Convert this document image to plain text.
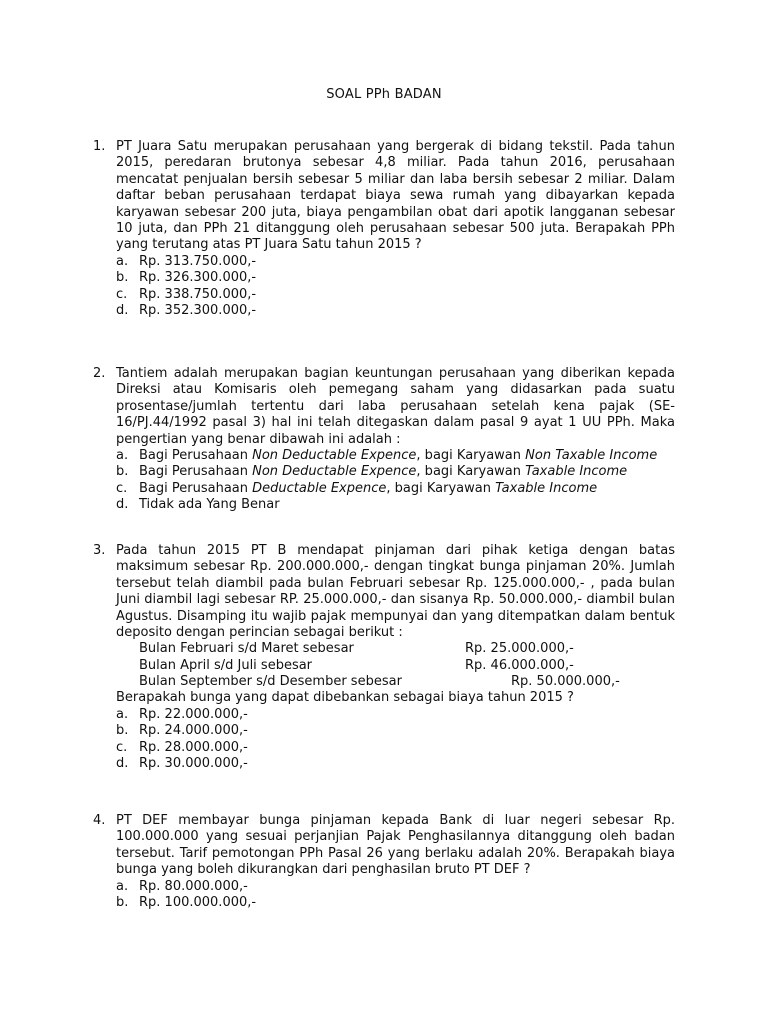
SOAL PPh BADAN
1. PT Juara Satu merupakan perusahaan yang bergerak di bidang tekstil. Pada tahun 2015, peredaran brutonya sebesar 4,8 miliar. Pada tahun 2016, perusahaan mencatat penjualan bersih sebesar 5 miliar dan laba bersih sebesar 2 miliar. Dalam daftar beban perusahaan terdapat biaya sewa rumah yang dibayarkan kepada karyawan sebesar 200 juta, biaya pengambilan obat dari apotik langganan sebesar 10 juta, dan PPh 21 ditanggung oleh perusahaan sebesar 500 juta. Berapakah PPh yang terutang atas PT Juara Satu tahun 2015 ?
a. Rp. 313.750.000,-
b. Rp. 326.300.000,-
c. Rp. 338.750.000,-
d. Rp. 352.300.000,-
2. Tantiem adalah merupakan bagian keuntungan perusahaan yang diberikan kepada Direksi atau Komisaris oleh pemegang saham yang didasarkan pada suatu prosentase/jumlah tertentu dari laba perusahaan setelah kena pajak (SE-16/PJ.44/1992 pasal 3) hal ini telah ditegaskan dalam pasal 9 ayat 1 UU PPh. Maka pengertian yang benar dibawah ini adalah :
a. Bagi Perusahaan Non Deductable Expence, bagi Karyawan Non Taxable Income
b. Bagi Perusahaan Non Deductable Expence, bagi Karyawan Taxable Income
c. Bagi Perusahaan Deductable Expence, bagi Karyawan Taxable Income
d. Tidak ada Yang Benar
3. Pada tahun 2015 PT B mendapat pinjaman dari pihak ketiga dengan batas maksimum sebesar Rp. 200.000.000,- dengan tingkat bunga pinjaman 20%. Jumlah tersebut telah diambil pada bulan Februari sebesar Rp. 125.000.000,- , pada bulan Juni diambil lagi sebesar RP. 25.000.000,- dan sisanya Rp. 50.000.000,- diambil bulan Agustus. Disamping itu wajib pajak mempunyai dan yang ditempatkan dalam bentuk deposito dengan perincian sebagai berikut :
Bulan Februari s/d Maret sebesar	Rp. 25.000.000,-
Bulan April s/d Juli sebesar	Rp. 46.000.000,-
Bulan September s/d Desember sebesar	Rp. 50.000.000,-
Berapakah bunga yang dapat dibebankan sebagai biaya tahun 2015 ?
a. Rp. 22.000.000,-
b. Rp. 24.000.000,-
c. Rp. 28.000.000,-
d. Rp. 30.000.000,-
4. PT DEF membayar bunga pinjaman kepada Bank di luar negeri sebesar Rp. 100.000.000 yang sesuai perjanjian Pajak Penghasilannya ditanggung oleh badan tersebut. Tarif pemotongan PPh Pasal 26 yang berlaku adalah 20%. Berapakah biaya bunga yang boleh dikurangkan dari penghasilan bruto PT DEF ?
a. Rp. 80.000.000,-
b. Rp. 100.000.000,-
